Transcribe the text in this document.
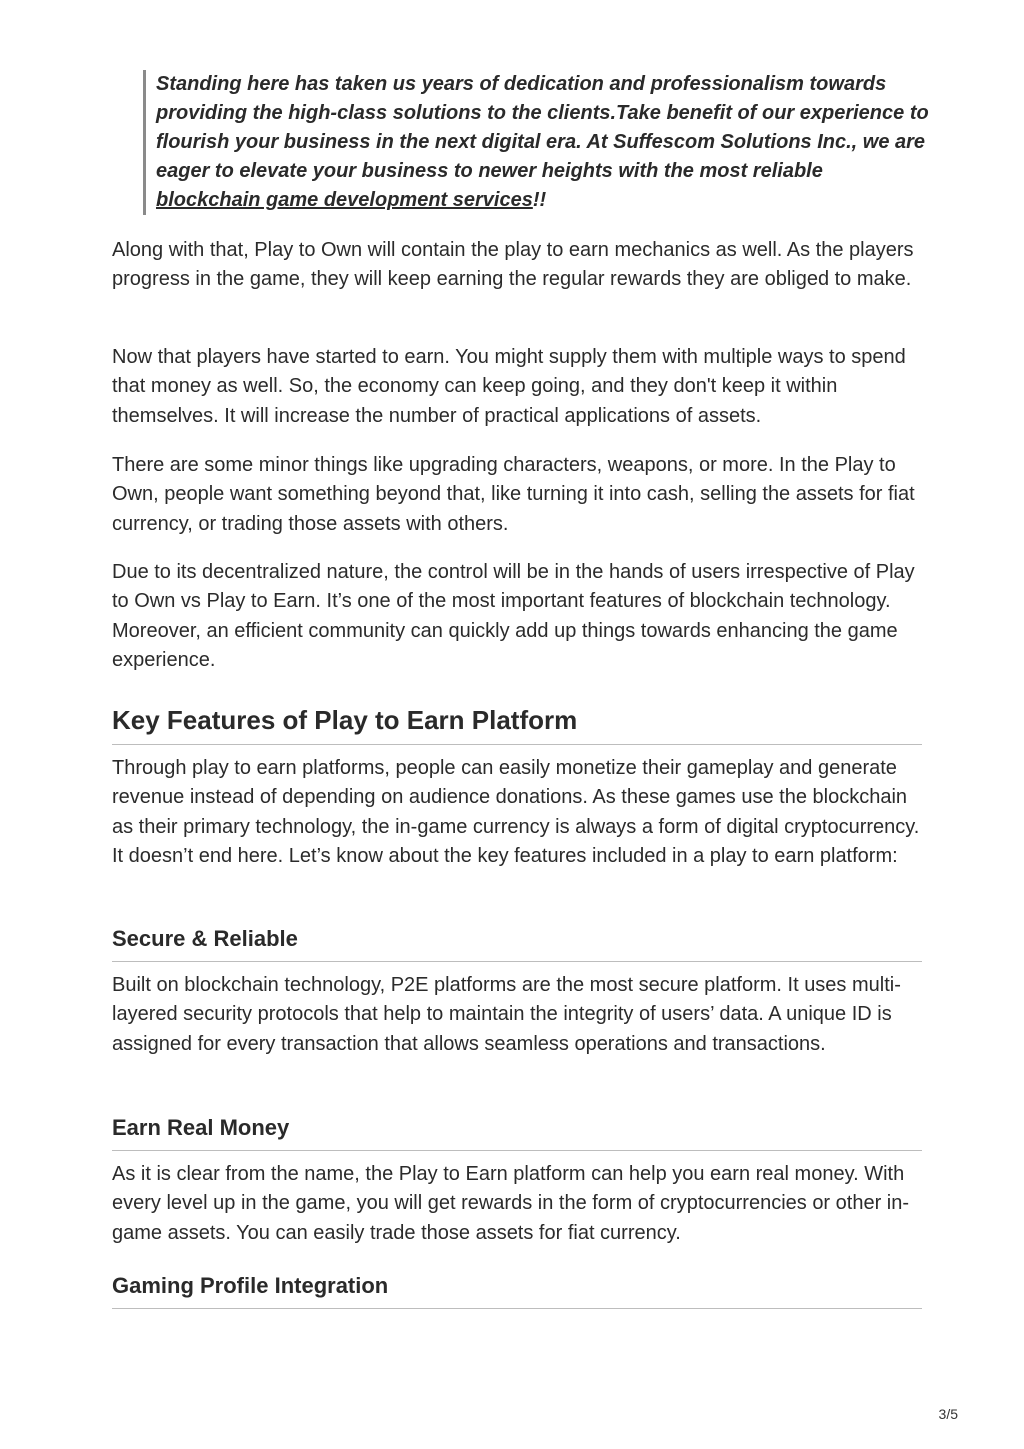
Standing here has taken us years of dedication and professionalism towards providing the high-class solutions to the clients.Take benefit of our experience to flourish your business in the next digital era. At Suffescom Solutions Inc., we are eager to elevate your business to newer heights with the most reliable blockchain game development services!!

Along with that, Play to Own will contain the play to earn mechanics as well. As the players progress in the game, they will keep earning the regular rewards they are obliged to make.

Now that players have started to earn. You might supply them with multiple ways to spend that money as well. So, the economy can keep going, and they don't keep it within themselves. It will increase the number of practical applications of assets.

There are some minor things like upgrading characters, weapons, or more. In the Play to Own, people want something beyond that, like turning it into cash, selling the assets for fiat currency, or trading those assets with others.

Due to its decentralized nature, the control will be in the hands of users irrespective of Play to Own vs Play to Earn. It’s one of the most important features of blockchain technology. Moreover, an efficient community can quickly add up things towards enhancing the game experience.

Key Features of Play to Earn Platform

Through play to earn platforms, people can easily monetize their gameplay and generate revenue instead of depending on audience donations. As these games use the blockchain as their primary technology, the in-game currency is always a form of digital cryptocurrency. It doesn’t end here. Let’s know about the key features included in a play to earn platform:

Secure & Reliable

Built on blockchain technology, P2E platforms are the most secure platform. It uses multi-layered security protocols that help to maintain the integrity of users’ data. A unique ID is assigned for every transaction that allows seamless operations and transactions.

Earn Real Money

As it is clear from the name, the Play to Earn platform can help you earn real money. With every level up in the game, you will get rewards in the form of cryptocurrencies or other in-game assets. You can easily trade those assets for fiat currency.

Gaming Profile Integration
3/5
